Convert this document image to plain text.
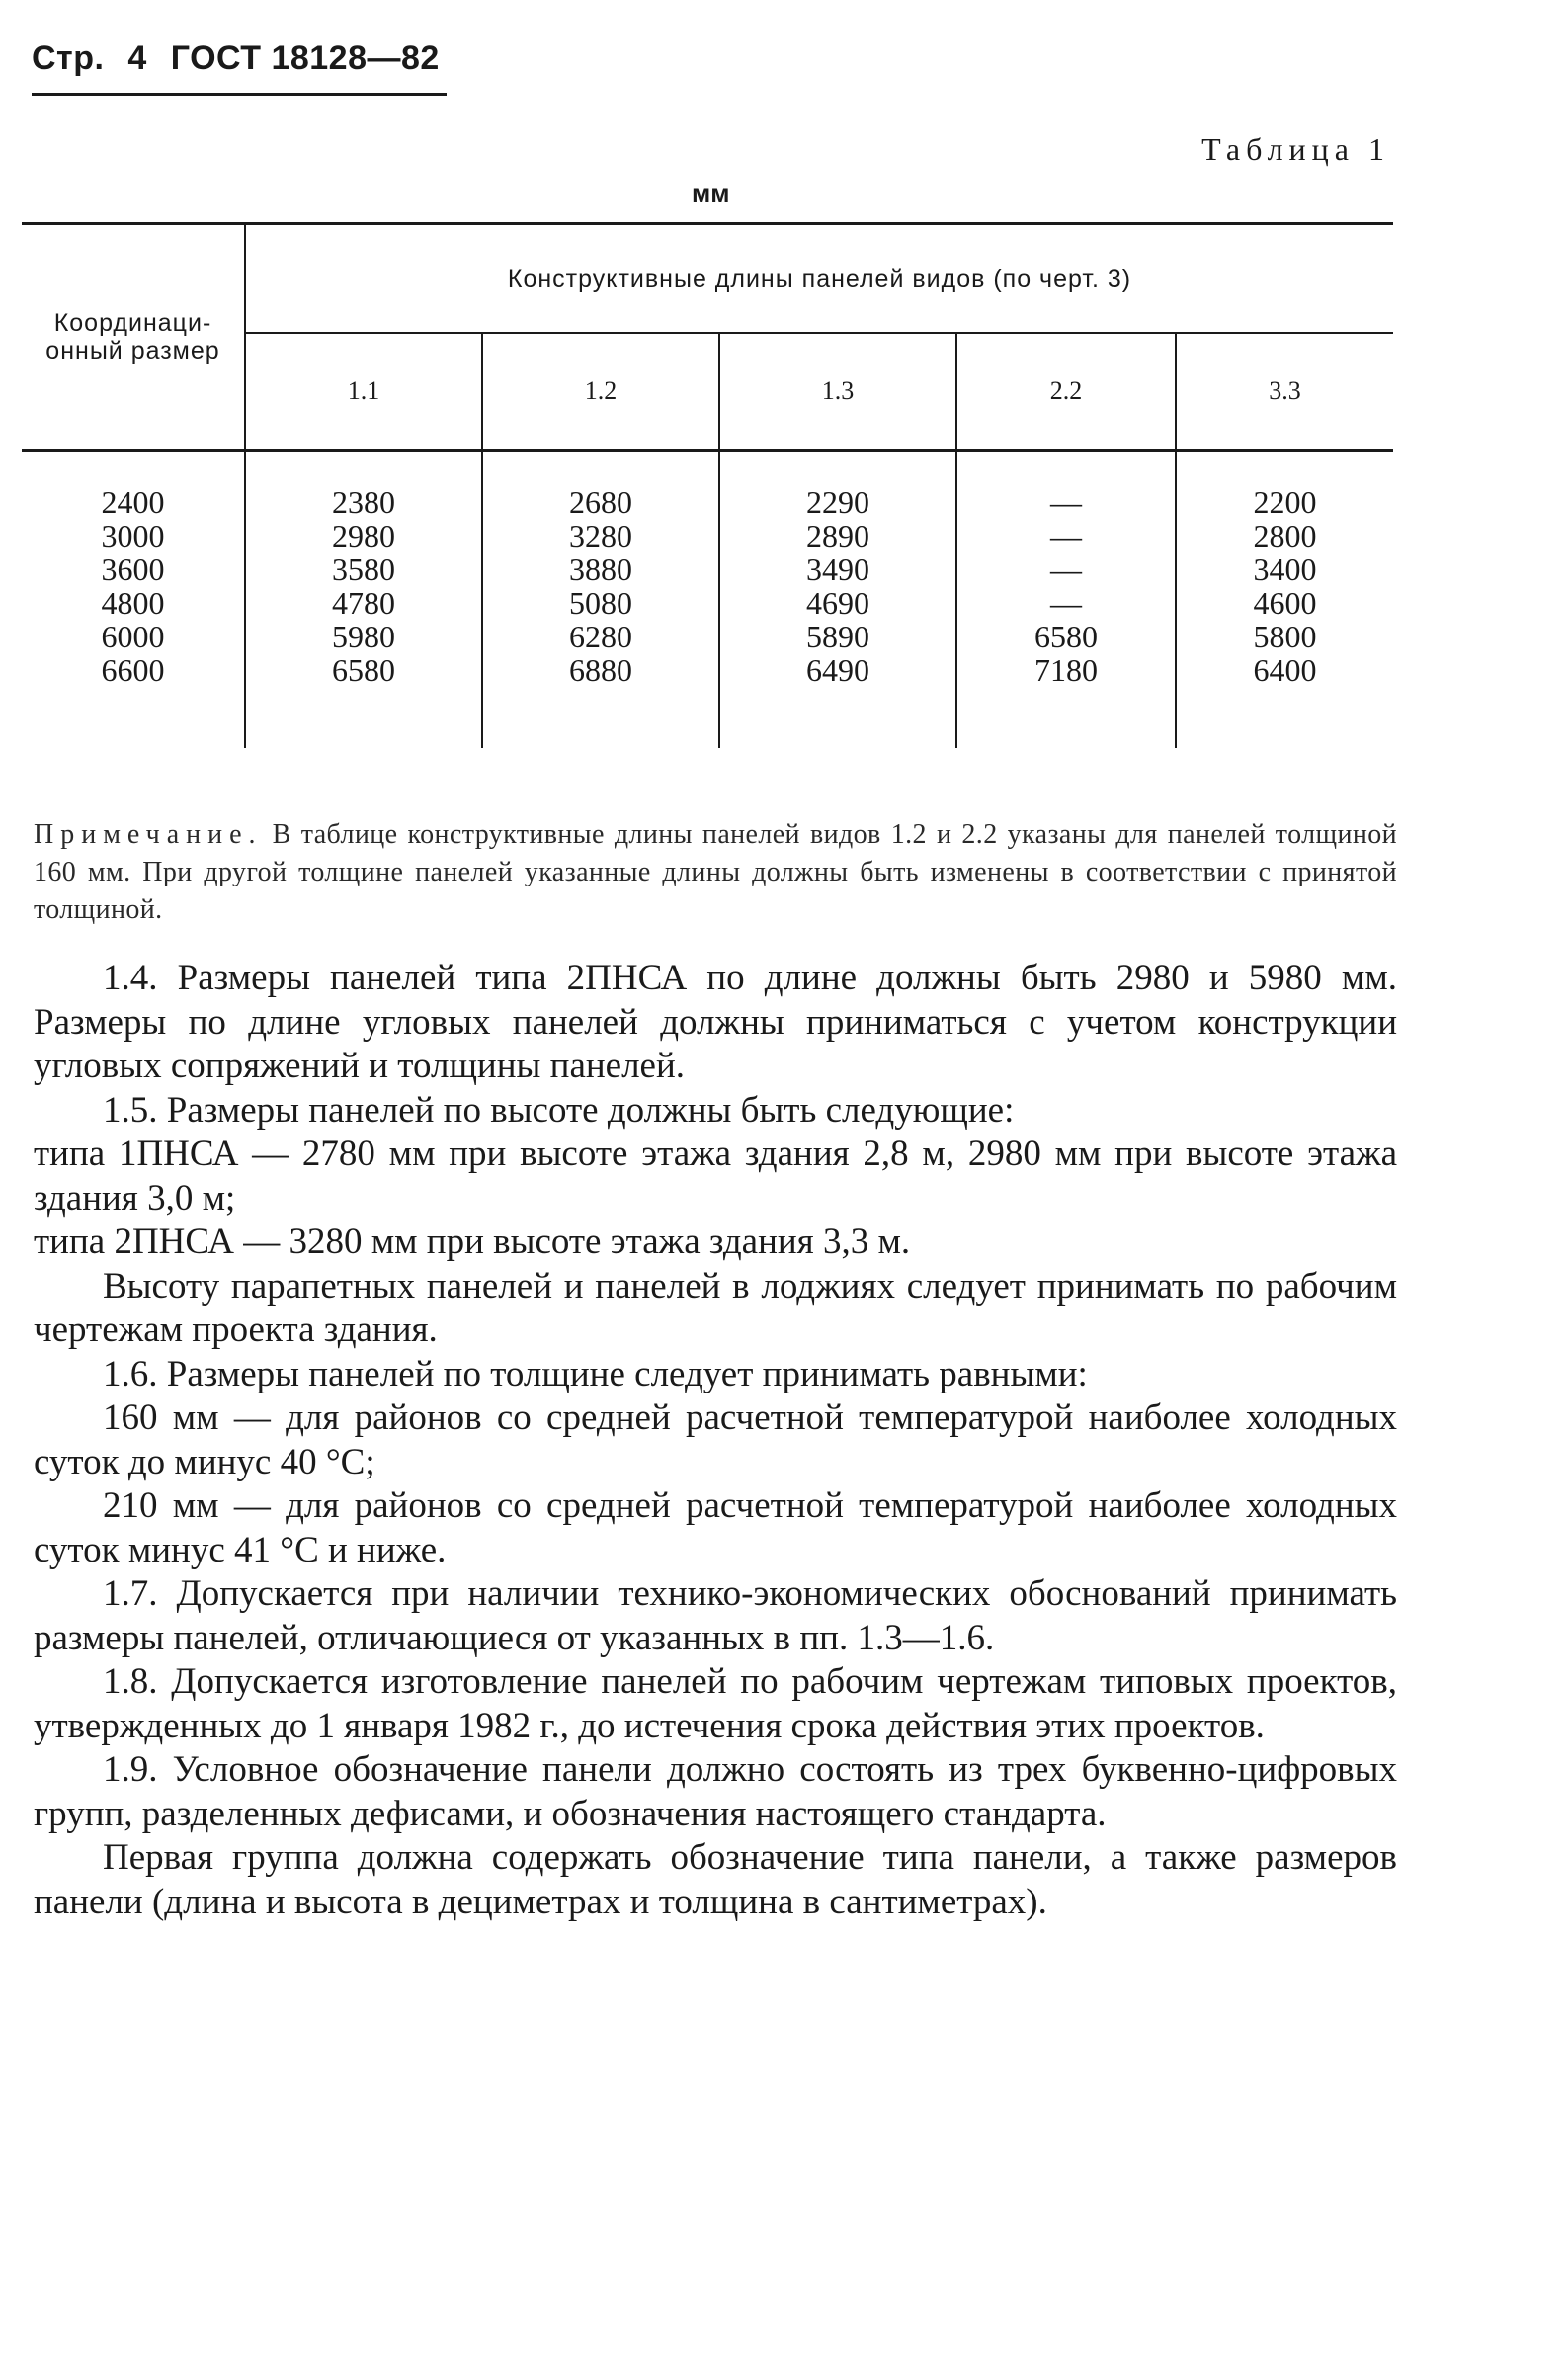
Стр. 4 ГОСТ 18128—82
Таблица 1
мм
Координаци- онный размер	Конструктивные длины панелей видов (по черт. 3)				
	1.1	1.2	1.3	2.2	3.3
2400	2380	2680	2290	—	2200
3000	2980	3280	2890	—	2800
3600	3580	3880	3490	—	3400
4800	4780	5080	4690	—	4600
6000	5980	6280	5890	6580	5800
6600	6580	6880	6490	7180	6400
Примечание. В таблице конструктивные длины панелей видов 1.2 и 2.2 указаны для панелей толщиной 160 мм. При другой толщине панелей указанные длины должны быть изменены в соответствии с принятой толщиной.

1.4. Размеры панелей типа 2ПНСА по длине должны быть 2980 и 5980 мм. Размеры по длине угловых панелей должны приниматься с учетом конструкции угловых сопряжений и толщины панелей.

1.5. Размеры панелей по высоте должны быть следующие:

типа 1ПНСА — 2780 мм при высоте этажа здания 2,8 м, 2980 мм при высоте этажа здания 3,0 м;

типа 2ПНСА — 3280 мм при высоте этажа здания 3,3 м.

Высоту парапетных панелей и панелей в лоджиях следует принимать по рабочим чертежам проекта здания.

1.6. Размеры панелей по толщине следует принимать равными:

160 мм — для районов со средней расчетной температурой наиболее холодных суток до минус 40 °С;

210 мм — для районов со средней расчетной температурой наиболее холодных суток минус 41 °С и ниже.

1.7. Допускается при наличии технико-экономических обоснований принимать размеры панелей, отличающиеся от указанных в пп. 1.3—1.6.

1.8. Допускается изготовление панелей по рабочим чертежам типовых проектов, утвержденных до 1 января 1982 г., до истечения срока действия этих проектов.

1.9. Условное обозначение панели должно состоять из трех буквенно-цифровых групп, разделенных дефисами, и обозначения настоящего стандарта.

Первая группа должна содержать обозначение типа панели, а также размеров панели (длина и высота в дециметрах и толщина в сантиметрах).
